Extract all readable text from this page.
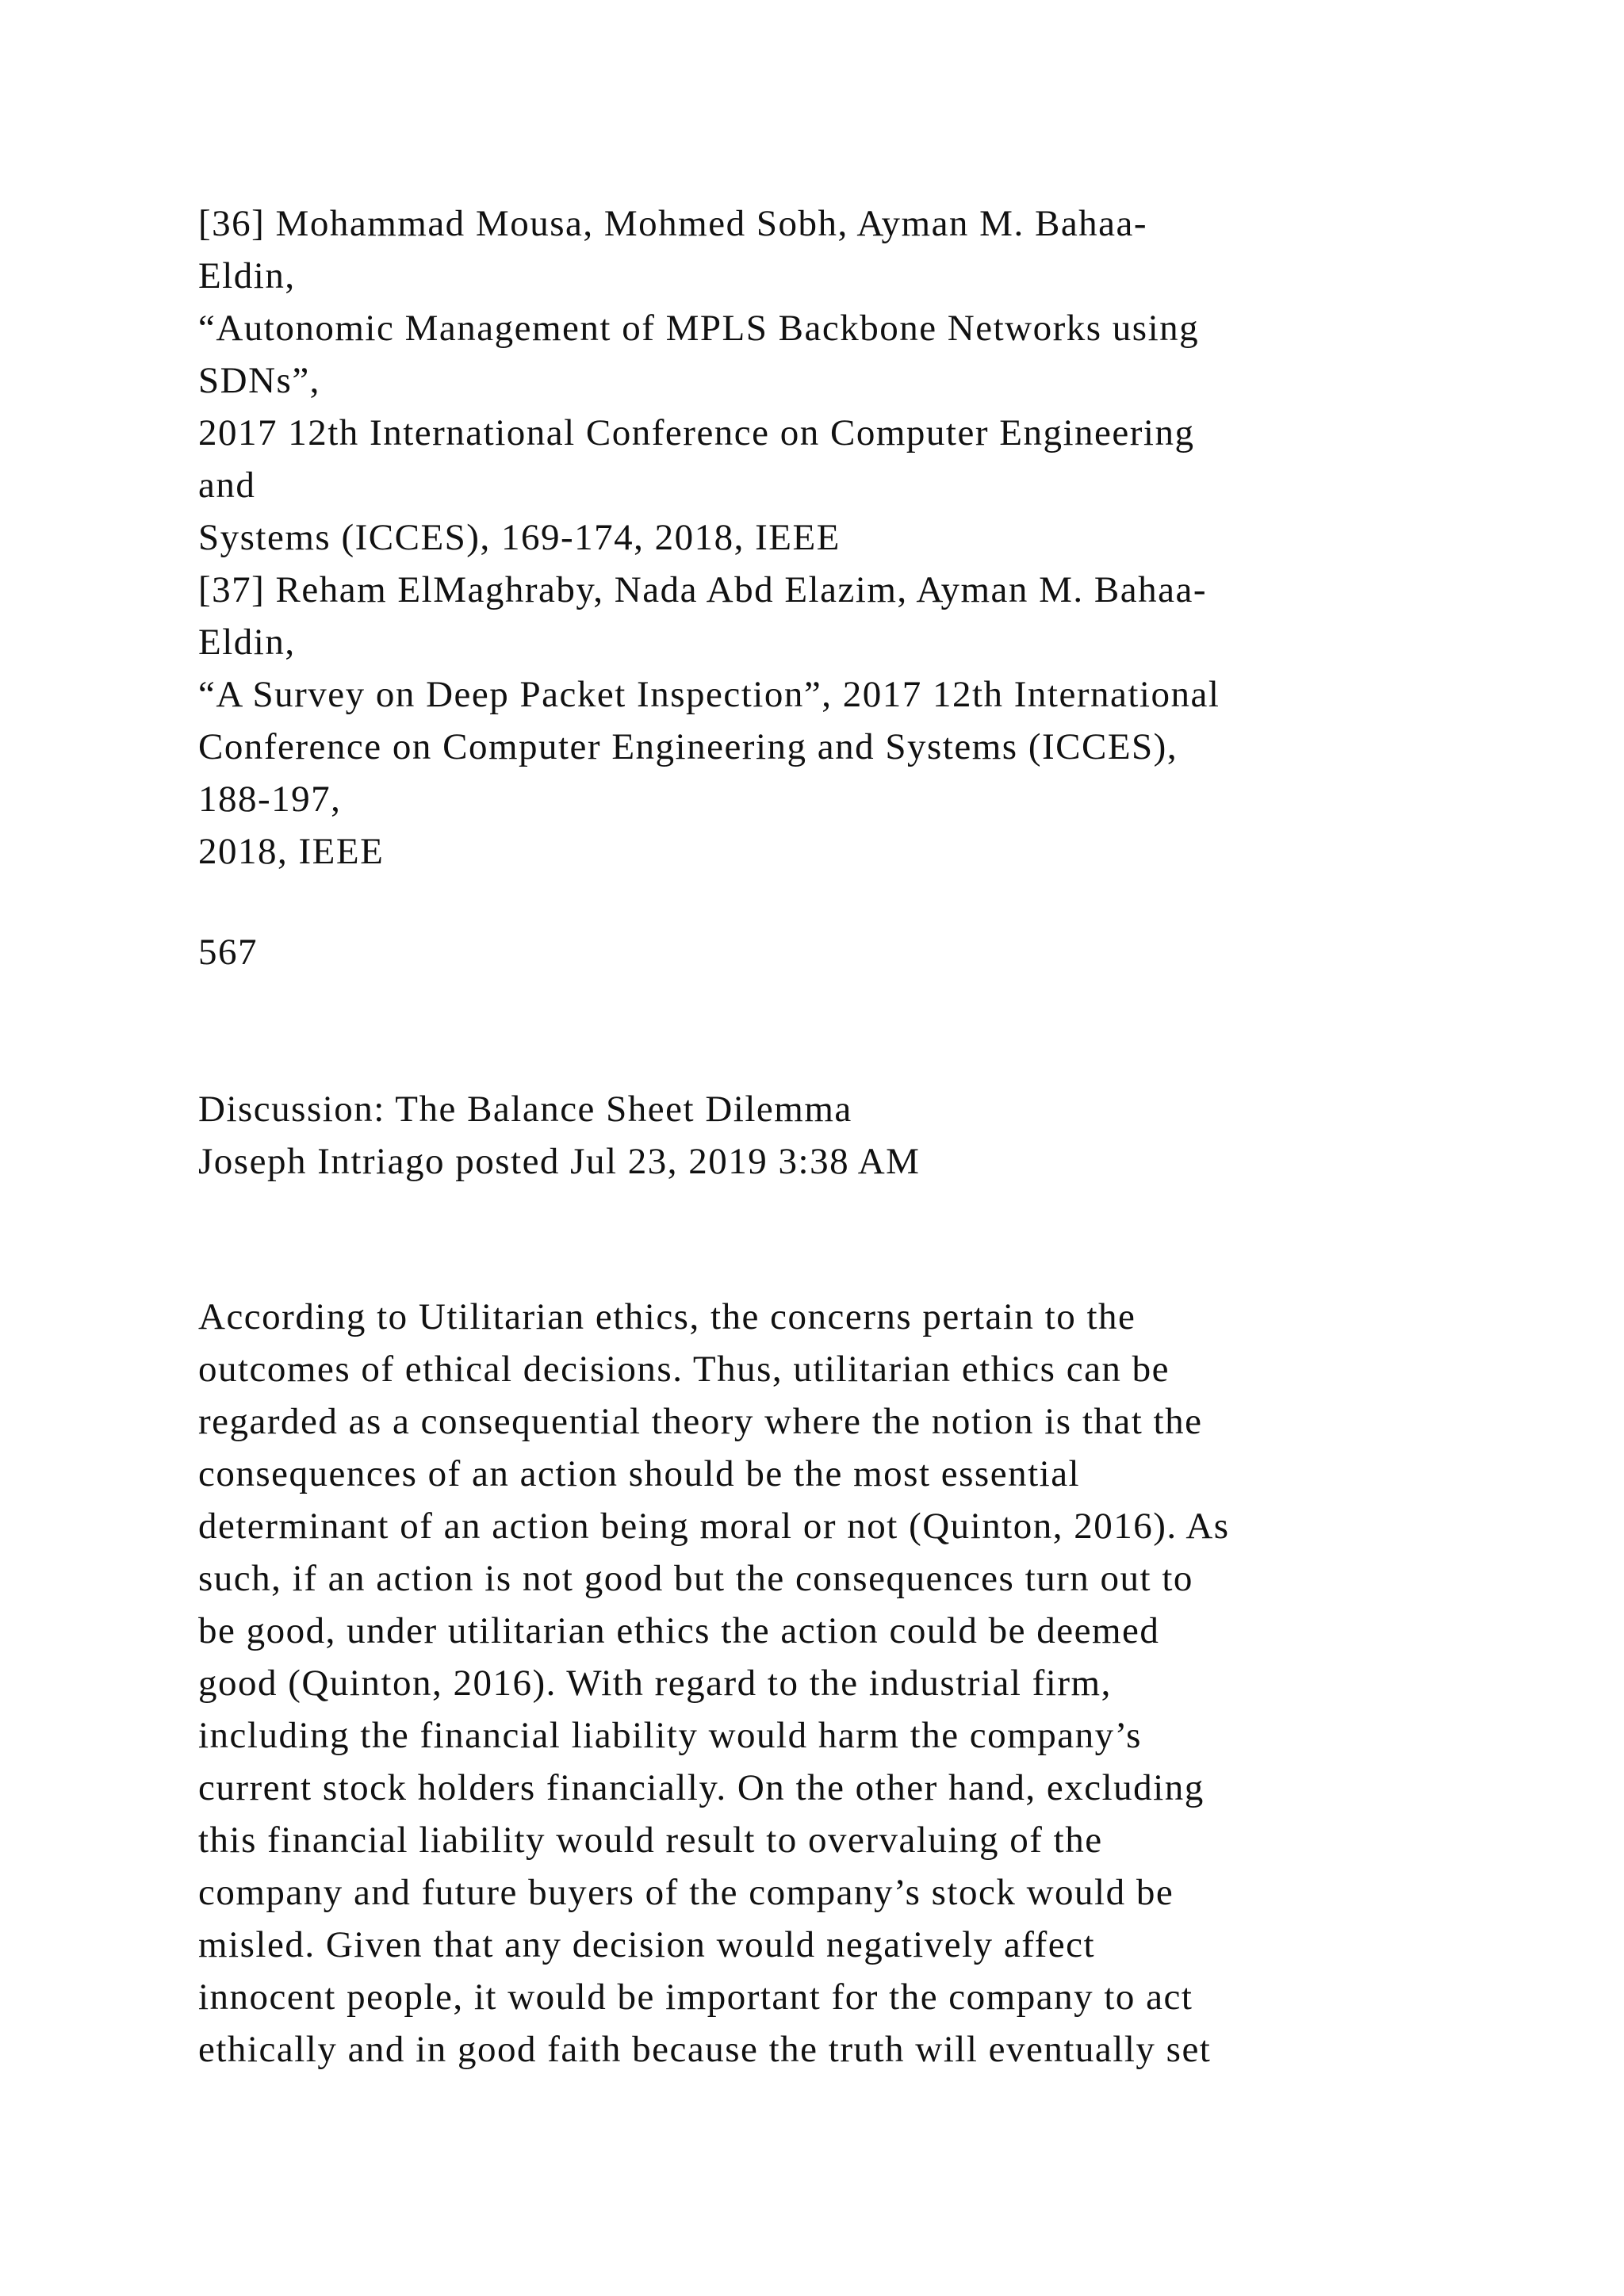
[36] Mohammad Mousa, Mohmed Sobh, Ayman M. Bahaa-
Eldin,
“Autonomic Management of MPLS Backbone Networks using
SDNs”,
2017 12th International Conference on Computer Engineering
and
Systems (ICCES), 169-174, 2018, IEEE
[37] Reham ElMaghraby, Nada Abd Elazim, Ayman M. Bahaa-
Eldin,
“A Survey on Deep Packet Inspection”, 2017 12th International
Conference on Computer Engineering and Systems (ICCES),
188-197,
2018, IEEE
567
Discussion: The Balance Sheet Dilemma
Joseph Intriago posted Jul 23, 2019 3:38 AM
According to Utilitarian ethics, the concerns pertain to the
outcomes of ethical decisions. Thus, utilitarian ethics can be
regarded as a consequential theory where the notion is that the
consequences of an action should be the most essential
determinant of an action being moral or not (Quinton, 2016). As
such, if an action is not good but the consequences turn out to
be good, under utilitarian ethics the action could be deemed
good (Quinton, 2016). With regard to the industrial firm,
including the financial liability would harm the company’s
current stock holders financially. On the other hand, excluding
this financial liability would result to overvaluing of the
company and future buyers of the company’s stock would be
misled. Given that any decision would negatively affect
innocent people, it would be important for the company to act
ethically and in good faith because the truth will eventually set
